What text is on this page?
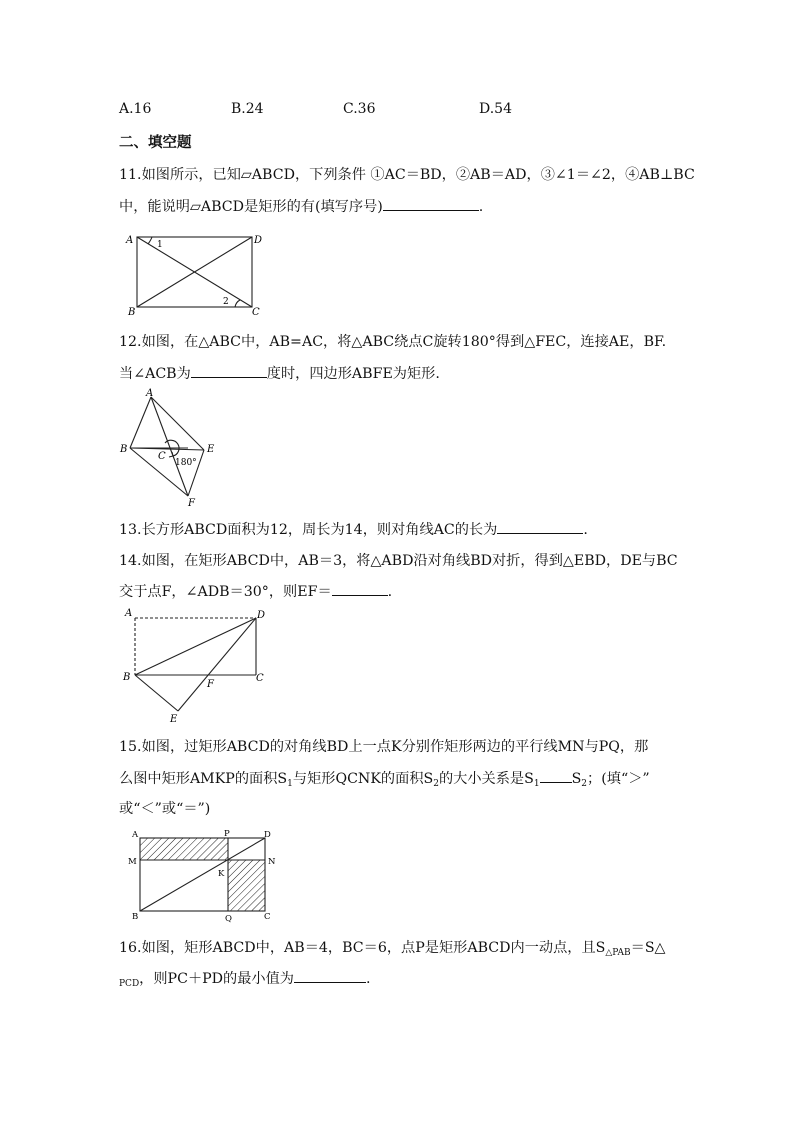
A.16	B.24	C.36	D.54
二、填空题
11.如图所示，已知▱ABCD，下列条件 ①AC＝BD，②AB＝AD，③∠1＝∠2，④AB⊥BC
中，能说明▱ABCD是矩形的有(填写序号)	.
A	D
B	C
1
2
12.如图，在△ABC中，AB=AC，将△ABC绕点C旋转180°得到△FEC，连接AE，BF.
当∠ACB为	度时，四边形ABFE为矩形.
A
B
C
E
F
180°
13.长方形ABCD面积为12，周长为14，则对角线AC的长为	.
14.如图，在矩形ABCD中，AB＝3，将△ABD沿对角线BD对折，得到△EBD，DE与BC
交于点F，∠ADB＝30°，则EF＝	.
A	D
B	C
F
E
15.如图，过矩形ABCD的对角线BD上一点K分别作矩形两边的平行线MN与PQ，那
么图中矩形AMKP的面积$S_1$与矩形QCNK的面积$S_2$的大小关系是$S_1$ $S_2$；(填“＞”
或“＜”或“＝”)
A	P	D
M	N
K
B	Q	C
16.如图，矩形ABCD中，AB＝4，BC＝6，点P是矩形ABCD内一动点，且$S_{\triangle PAB}=S\triangle$
$_{PCD}$，则PC＋PD的最小值为	.
